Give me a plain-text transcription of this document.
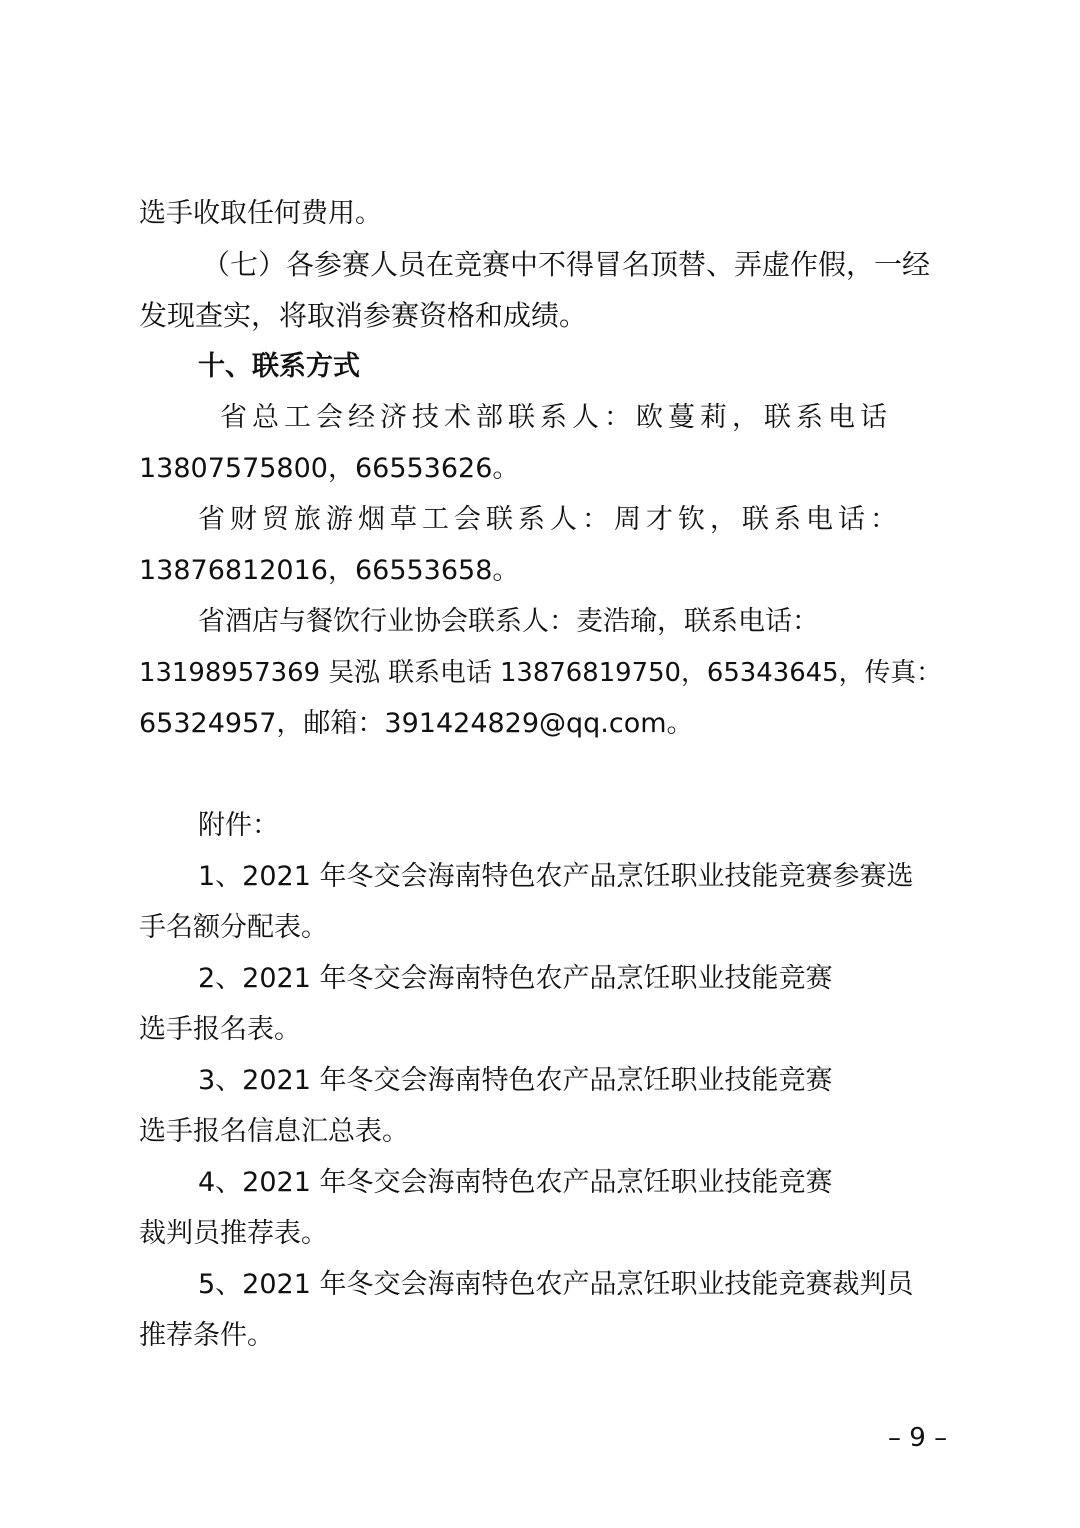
选手收取任何费用。
（七）各参赛人员在竞赛中不得冒名顶替、弄虚作假，一经
发现查实，将取消参赛资格和成绩。
十、联系方式
省总工会经济技术部联系人：欧蔓莉，联系电话
13807575800，66553626。
省财贸旅游烟草工会联系人：周才钦，联系电话：
13876812016，66553658。
省酒店与餐饮行业协会联系人：麦浩瑜，联系电话：
13198957369 吴泓 联系电话 13876819750，65343645，传真：
65324957，邮箱：391424829@qq.com。
附件：
1、2021 年冬交会海南特色农产品烹饪职业技能竞赛参赛选
手名额分配表。
2、2021 年冬交会海南特色农产品烹饪职业技能竞赛
选手报名表。
3、2021 年冬交会海南特色农产品烹饪职业技能竞赛
选手报名信息汇总表。
4、2021 年冬交会海南特色农产品烹饪职业技能竞赛
裁判员推荐表。
5、2021 年冬交会海南特色农产品烹饪职业技能竞赛裁判员
推荐条件。
– 9 –
